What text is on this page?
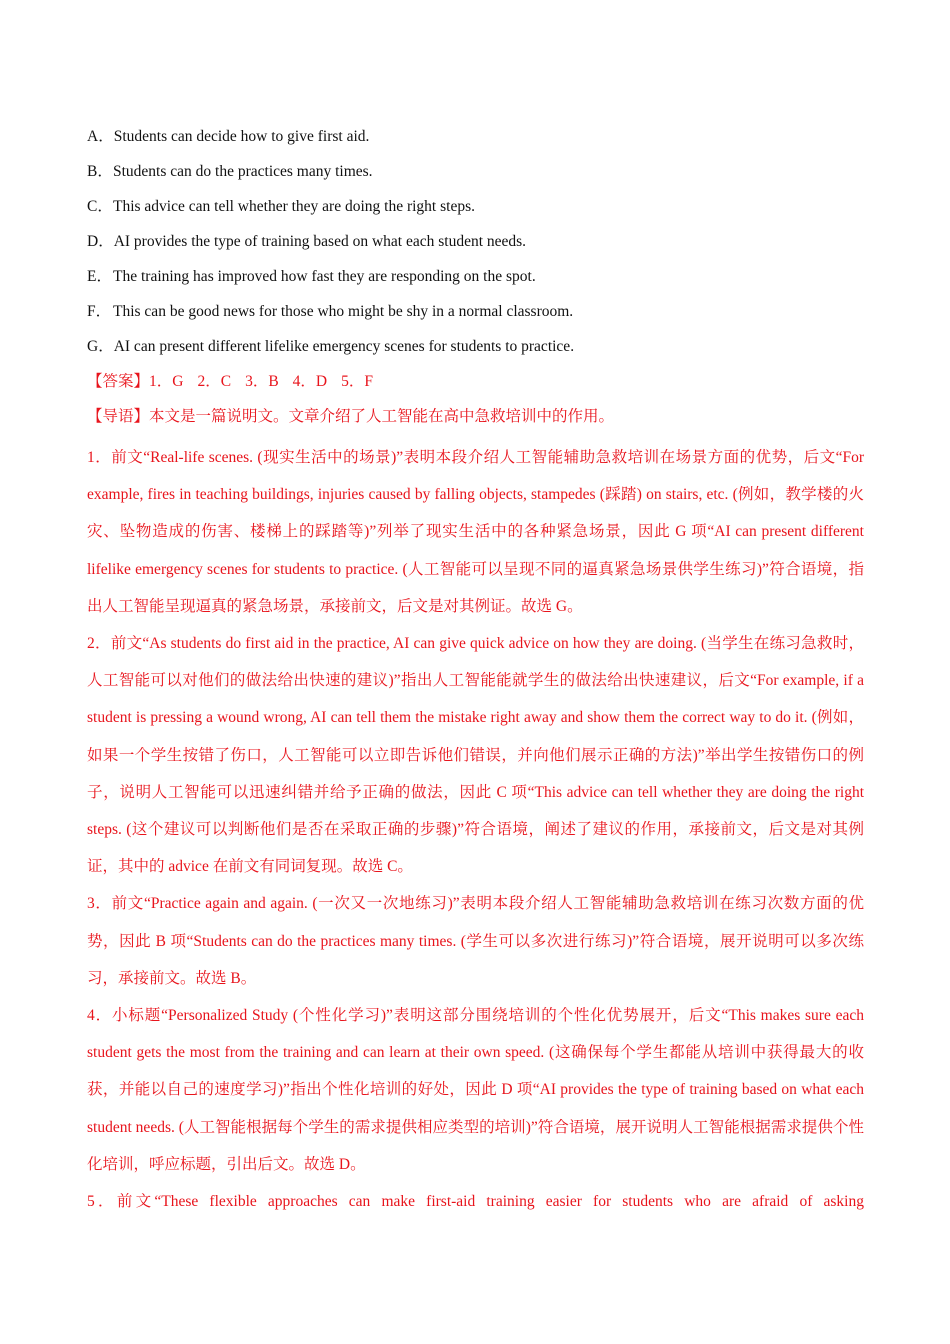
A．Students can decide how to give first aid.
B．Students can do the practices many times.
C．This advice can tell whether they are doing the right steps.
D．AI provides the type of training based on what each student needs.
E．The training has improved how fast they are responding on the spot.
F． This can be good news for those who might be shy in a normal classroom.
G．AI can present different lifelike emergency scenes for students to practice.
【答案】1．G 2．C 3．B 4．D 5．F
【导语】本文是一篇说明文。文章介绍了人工智能在高中急救培训中的作用。

1．前文“Real-life scenes. (现实生活中的场景)”表明本段介绍人工智能辅助急救培训在场景方面的优势，后文“For example, fires in teaching buildings, injuries caused by falling objects, stampedes (踩踏) on stairs, etc. (例如，教学楼的火灾、坠物造成的伤害、楼梯上的踩踏等)”列举了现实生活中的各种紧急场景，因此 G 项“AI can present different lifelike emergency scenes for students to practice. (人工智能可以呈现不同的逼真紧急场景供学生练习)”符合语境，指出人工智能呈现逼真的紧急场景，承接前文，后文是对其例证。故选 G。

2．前文“As students do first aid in the practice, AI can give quick advice on how they are doing. (当学生在练习急救时，人工智能可以对他们的做法给出快速的建议)”指出人工智能能就学生的做法给出快速建议，后文“For example, if a student is pressing a wound wrong, AI can tell them the mistake right away and show them the correct way to do it. (例如，如果一个学生按错了伤口，人工智能可以立即告诉他们错误，并向他们展示正确的方法)”举出学生按错伤口的例子，说明人工智能可以迅速纠错并给予正确的做法，因此 C 项“This advice can tell whether they are doing the right steps. (这个建议可以判断他们是否在采取正确的步骤)”符合语境，阐述了建议的作用，承接前文，后文是对其例证，其中的 advice 在前文有同词复现。故选 C。

3．前文“Practice again and again. (一次又一次地练习)”表明本段介绍人工智能辅助急救培训在练习次数方面的优势，因此 B 项“Students can do the practices many times. (学生可以多次进行练习)”符合语境，展开说明可以多次练习，承接前文。故选 B。

4．小标题“Personalized Study (个性化学习)”表明这部分围绕培训的个性化优势展开，后文“This makes sure each student gets the most from the training and can learn at their own speed. (这确保每个学生都能从培训中获得最大的收获，并能以自己的速度学习)”指出个性化培训的好处，因此 D 项“AI provides the type of training based on what each student needs. (人工智能根据每个学生的需求提供相应类型的培训)”符合语境，展开说明人工智能根据需求提供个性化培训，呼应标题，引出后文。故选 D。

5．前文“These flexible approaches can make first-aid training easier for students who are afraid of asking
